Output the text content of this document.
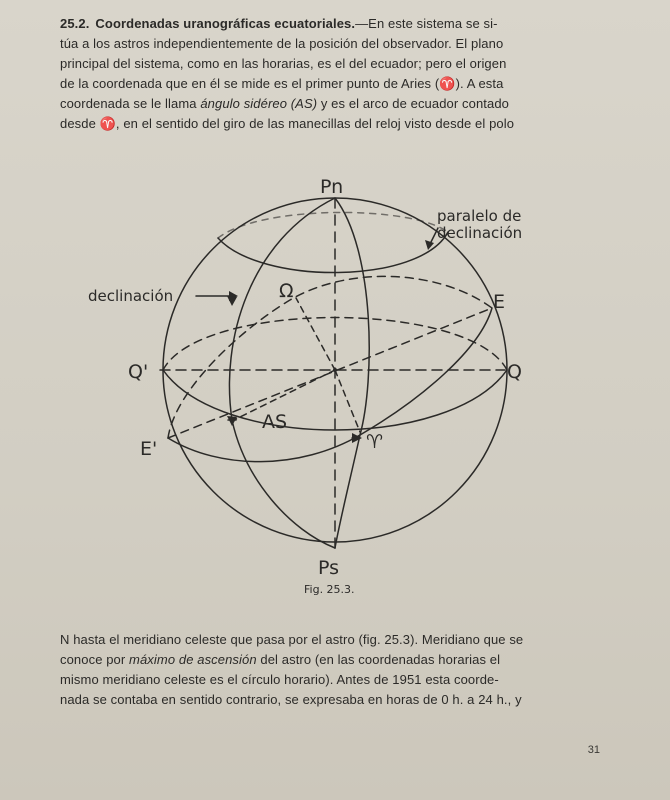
25.2. Coordenadas uranográficas ecuatoriales.—En este sistema se si-
túa a los astros independientemente de la posición del observador. El plano
principal del sistema, como en las horarias, es el del ecuador; pero el origen
de la coordenada que en él se mide es el primer punto de Aries (♈). A esta
coordenada se le llama ángulo sidéreo (AS) y es el arco de ecuador contado
desde ♈, en el sentido del giro de las manecillas del reloj visto desde el polo
Pn
Ps
Q
Q'
E
E'
Ω
♈
AS
declinación
paralelo de
declinación
Fig. 25.3.
N hasta el meridiano celeste que pasa por el astro (fig. 25.3). Meridiano que se
conoce por máximo de ascensión del astro (en las coordenadas horarias el
mismo meridiano celeste es el círculo horario). Antes de 1951 esta coorde-
nada se contaba en sentido contrario, se expresaba en horas de 0 h. a 24 h., y
31
